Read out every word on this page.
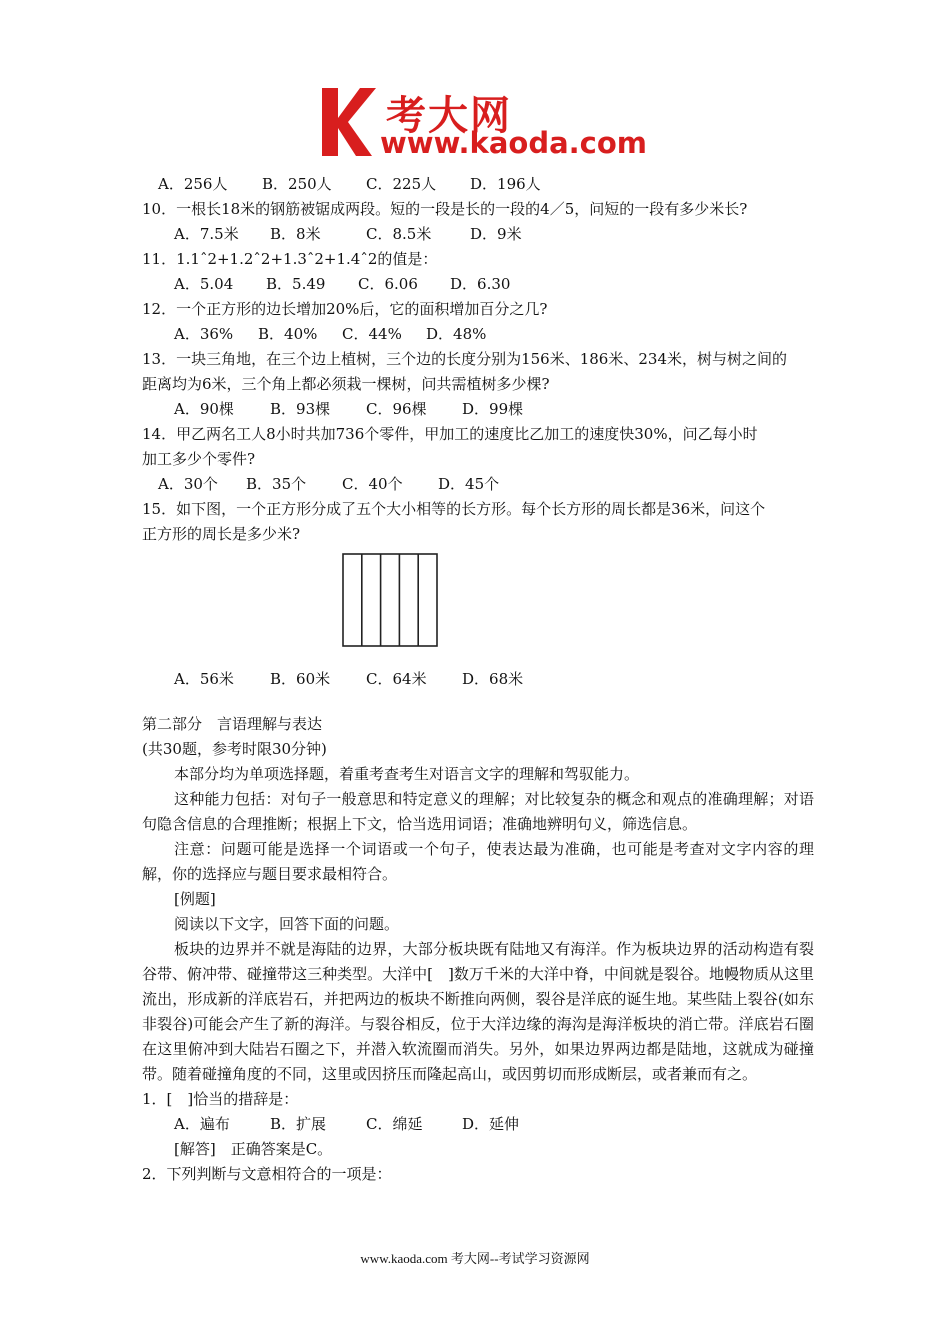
考大网
www.kaoda.com
A．256人 B．250人 C．225人 D．196人
10．一根长18米的钢筋被锯成两段。短的一段是长的一段的4／5，问短的一段有多少米长?
A．7.5米 B．8米	C．8.5米	D．9米
11．1.1ˆ2+1.2ˆ2+1.3ˆ2+1.4ˆ2的值是：
A．5.04 B．5.49 C．6.06 D．6.30
12．一个正方形的边长增加20%后，它的面积增加百分之几?
A．36% B．40% C．44% D．48%
13．一块三角地，在三个边上植树，三个边的长度分别为156米、186米、234米，树与树之间的
距离均为6米，三个角上都必须栽一棵树，问共需植树多少棵?
A．90棵 B．93棵 C．96棵 D．99棵
14．甲乙两名工人8小时共加736个零件，甲加工的速度比乙加工的速度快30%，问乙每小时
加工多少个零件?
A．30个 B．35个 C．40个 D．45个
15．如下图，一个正方形分成了五个大小相等的长方形。每个长方形的周长都是36米，问这个
正方形的周长是多少米?
A．56米 B．60米 C．64米 D．68米
第二部分　言语理解与表达
(共30题，参考时限30分钟)
本部分均为单项选择题，着重考查考生对语言文字的理解和驾驭能力。
这种能力包括：对句子一般意思和特定意义的理解；对比较复杂的概念和观点的准确理解；对语句隐含信息的合理推断；根据上下文，恰当选用词语；准确地辨明句义，筛选信息。
注意：问题可能是选择一个词语或一个句子，使表达最为准确，也可能是考查对文字内容的理解，你的选择应与题目要求最相符合。
[例题]
阅读以下文字，回答下面的问题。
板块的边界并不就是海陆的边界，大部分板块既有陆地又有海洋。作为板块边界的活动构造有裂谷带、俯冲带、碰撞带这三种类型。大洋中[　]数万千米的大洋中脊，中间就是裂谷。地幔物质从这里流出，形成新的洋底岩石，并把两边的板块不断推向两侧，裂谷是洋底的诞生地。某些陆上裂谷(如东非裂谷)可能会产生了新的海洋。与裂谷相反，位于大洋边缘的海沟是海洋板块的消亡带。洋底岩石圈在这里俯冲到大陆岩石圈之下，并潜入软流圈而消失。另外，如果边界两边都是陆地，这就成为碰撞带。随着碰撞角度的不同，这里或因挤压而隆起高山，或因剪切而形成断层，或者兼而有之。
1．[　]恰当的措辞是：
A．遍布	B．扩展	C．绵延	D．延伸
[解答]　正确答案是C。
2．下列判断与文意相符合的一项是：
www.kaoda.com 考大网--考试学习资源网
